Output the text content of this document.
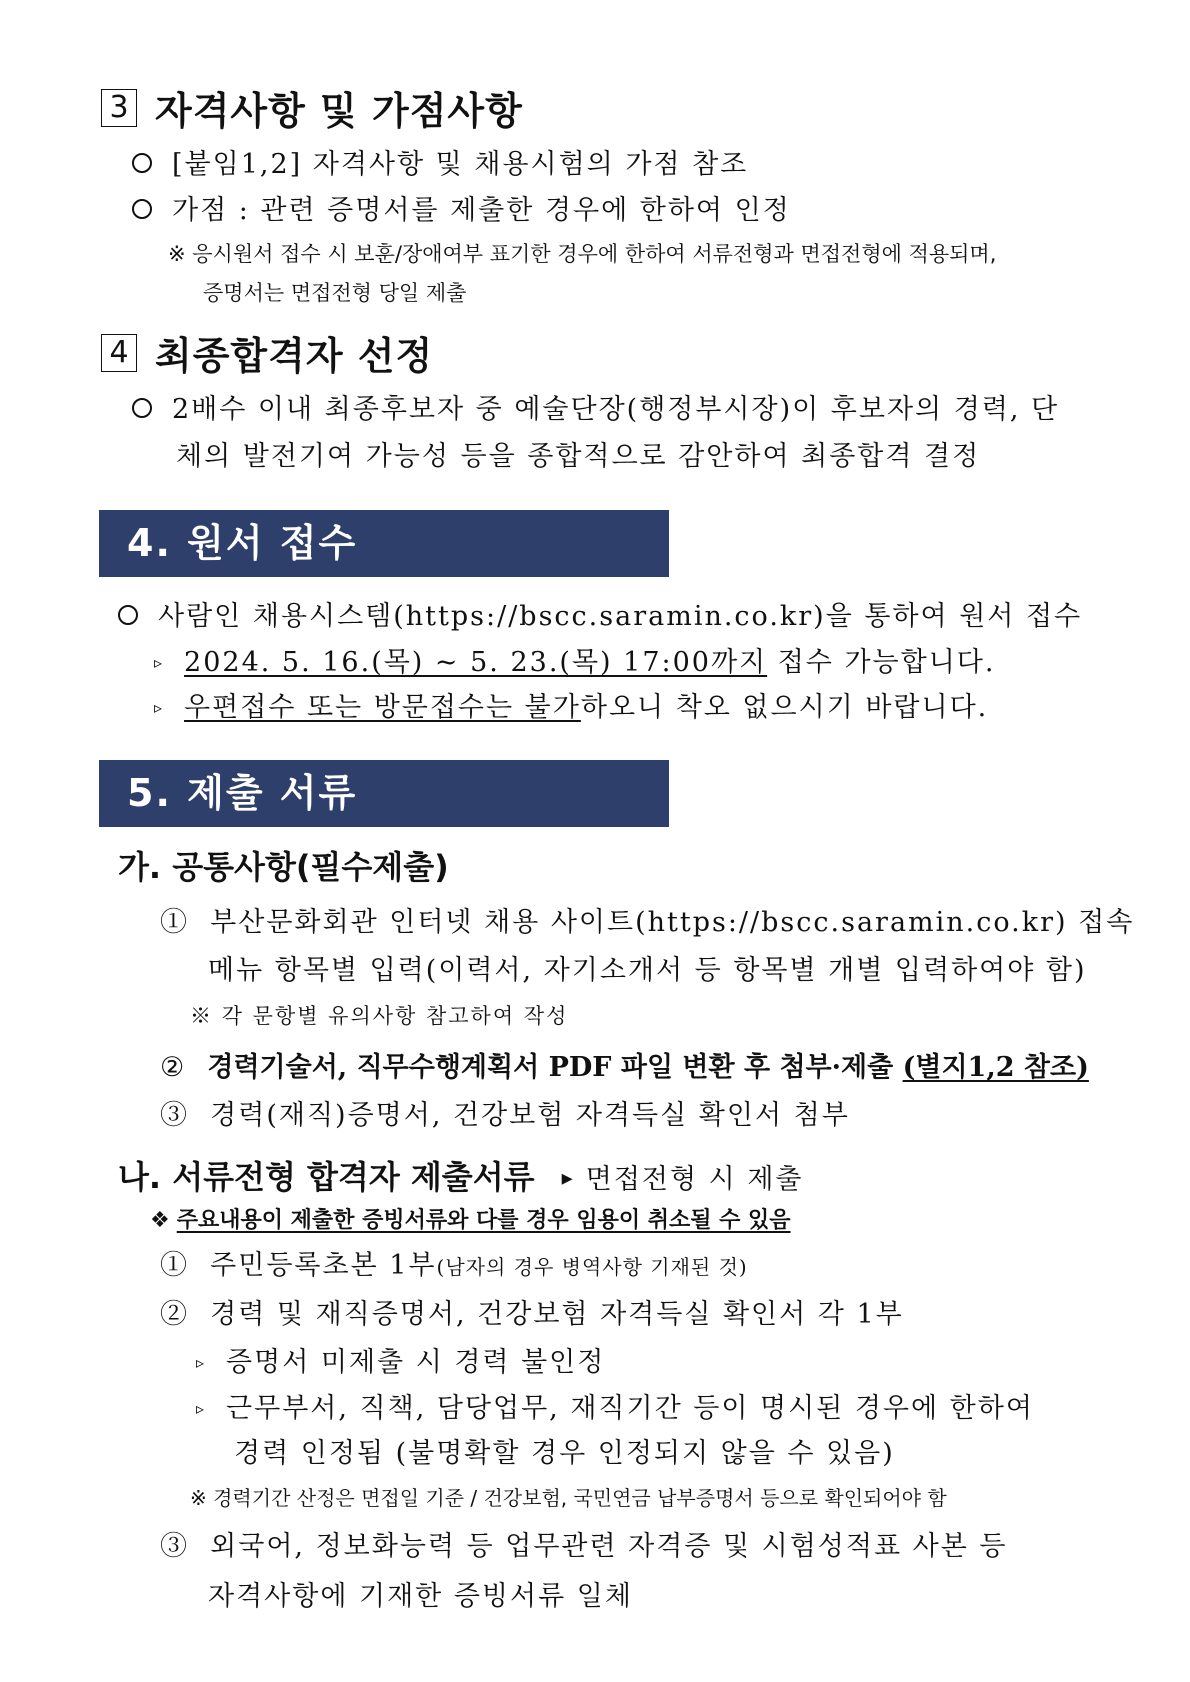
3 자격사항 및 가점사항
[붙임1,2] 자격사항 및 채용시험의 가점 참조
가점 : 관련 증명서를 제출한 경우에 한하여 인정
※ 응시원서 접수 시 보훈/장애여부 표기한 경우에 한하여 서류전형과 면접전형에 적용되며,
증명서는 면접전형 당일 제출
4 최종합격자 선정
2배수 이내 최종후보자 중 예술단장(행정부시장)이 후보자의 경력, 단
체의 발전기여 가능성 등을 종합적으로 감안하여 최종합격 결정
4. 원서 접수
사람인 채용시스템(https://bscc.saramin.co.kr)을 통하여 원서 접수
▹ 2024. 5. 16.(목) ~ 5. 23.(목) 17:00까지 접수 가능합니다.
▹ 우편접수 또는 방문접수는 불가하오니 착오 없으시기 바랍니다.
5. 제출 서류
가. 공통사항(필수제출)
① 부산문화회관 인터넷 채용 사이트(https://bscc.saramin.co.kr) 접속
메뉴 항목별 입력(이력서, 자기소개서 등 항목별 개별 입력하여야 함)
※ 각 문항별 유의사항 참고하여 작성
② 경력기술서, 직무수행계획서 PDF 파일 변환 후 첨부·제출 (별지1,2 참조)
③ 경력(재직)증명서, 건강보험 자격득실 확인서 첨부
나. 서류전형 합격자 제출서류 ▸ 면접전형 시 제출
❖ 주요내용이 제출한 증빙서류와 다를 경우 임용이 취소될 수 있음
① 주민등록초본 1부(남자의 경우 병역사항 기재된 것)
② 경력 및 재직증명서, 건강보험 자격득실 확인서 각 1부
▹ 증명서 미제출 시 경력 불인정
▹ 근무부서, 직책, 담당업무, 재직기간 등이 명시된 경우에 한하여
경력 인정됨 (불명확할 경우 인정되지 않을 수 있음)
※ 경력기간 산정은 면접일 기준 / 건강보험, 국민연금 납부증명서 등으로 확인되어야 함
③ 외국어, 정보화능력 등 업무관련 자격증 및 시험성적표 사본 등
자격사항에 기재한 증빙서류 일체
